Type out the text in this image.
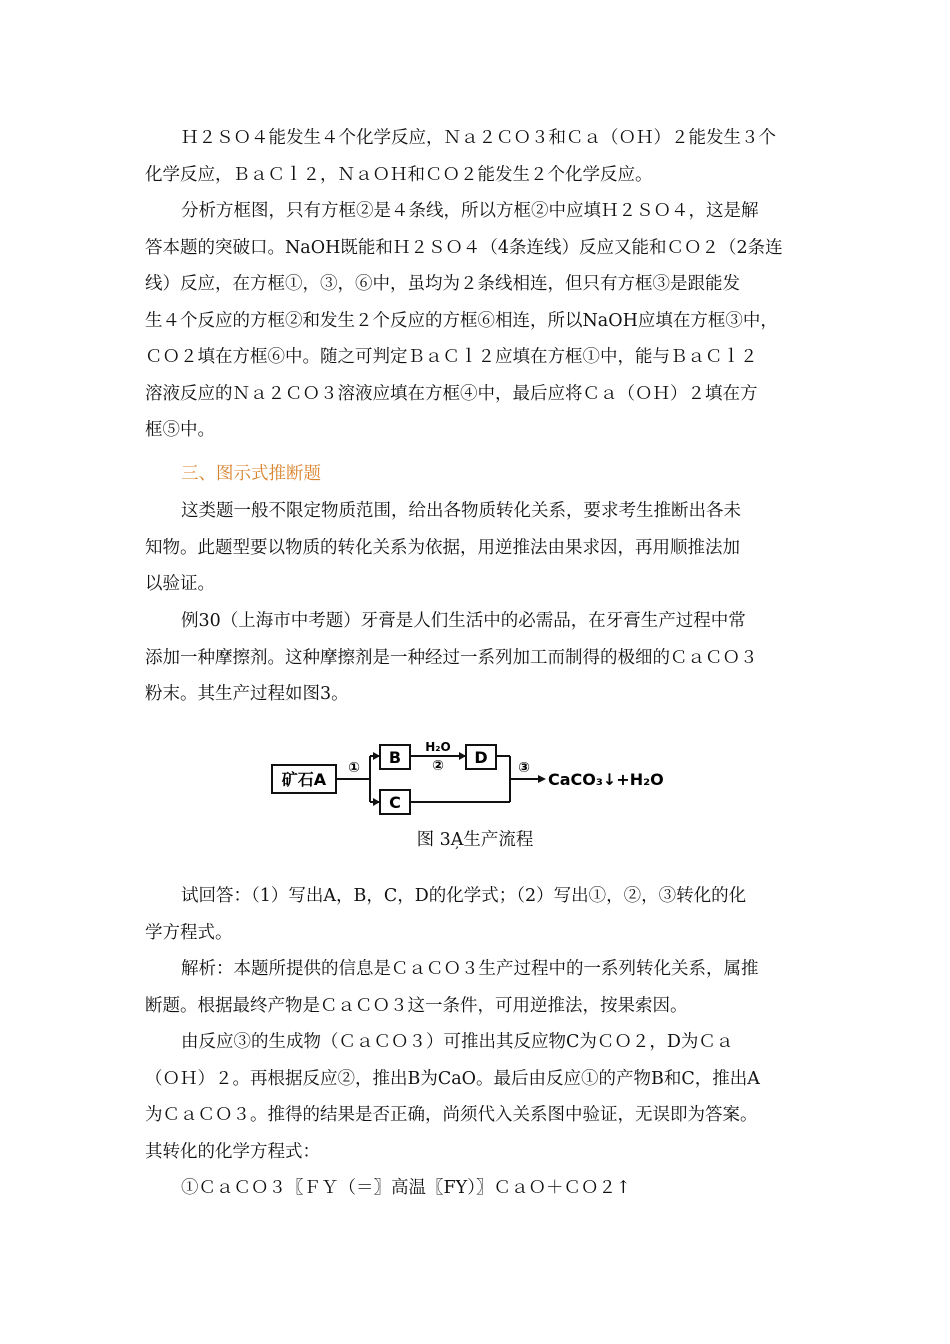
Ｈ２ＳＯ４能发生４个化学反应，Ｎａ２ＣＯ３和Ｃａ（ＯＨ）２能发生３个
化学反应，ＢａＣｌ２，ＮａＯＨ和ＣＯ２能发生２个化学反应。

分析方框图，只有方框②是４条线，所以方框②中应填Ｈ２ＳＯ４，这是解
答本题的突破口。NaOH既能和Ｈ２ＳＯ４（4条连线）反应又能和ＣＯ２（2条连
线）反应，在方框①，③，⑥中，虽均为２条线相连，但只有方框③是跟能发
生４个反应的方框②和发生２个反应的方框⑥相连，所以NaOH应填在方框③中，
ＣＯ２填在方框⑥中。随之可判定ＢａＣｌ２应填在方框①中，能与ＢａＣｌ２
溶液反应的Ｎａ２ＣＯ３溶液应填在方框④中，最后应将Ｃａ（ＯＨ）２填在方
框⑤中。

三、图示式推断题

这类题一般不限定物质范围，给出各物质转化关系，要求考生推断出各未
知物。此题型要以物质的转化关系为依据，用逆推法由果求因，再用顺推法加
以验证。

例30（上海市中考题）牙膏是人们生活中的必需品，在牙膏生产过程中常
添加一种摩擦剂。这种摩擦剂是一种经过一系列加工而制得的极细的ＣａＣＯ３
粉末。其生产过程如图3。

矿石A
①
B
C
H₂O
② D
③
CaCO₃↓+H₂O
图 3A̦生产流程

试回答：（1）写出A，B，C，D的化学式；（2）写出①，②，③转化的化
学方程式。

解析：本题所提供的信息是ＣａＣＯ３生产过程中的一系列转化关系，属推
断题。根据最终产物是ＣａＣＯ３这一条件，可用逆推法，按果索因。

由反应③的生成物（ＣａＣＯ３）可推出其反应物C为ＣＯ２，D为Ｃａ
（ＯＨ）２。再根据反应②，推出B为CaO。最后由反应①的产物B和C，推出A
为ＣａＣＯ３。推得的结果是否正确，尚须代入关系图中验证，无误即为答案。
其转化的化学方程式：

①ＣａＣＯ３〖ＦＹ（＝〗高温〖FY）〗ＣａＯ＋ＣＯ２↑
